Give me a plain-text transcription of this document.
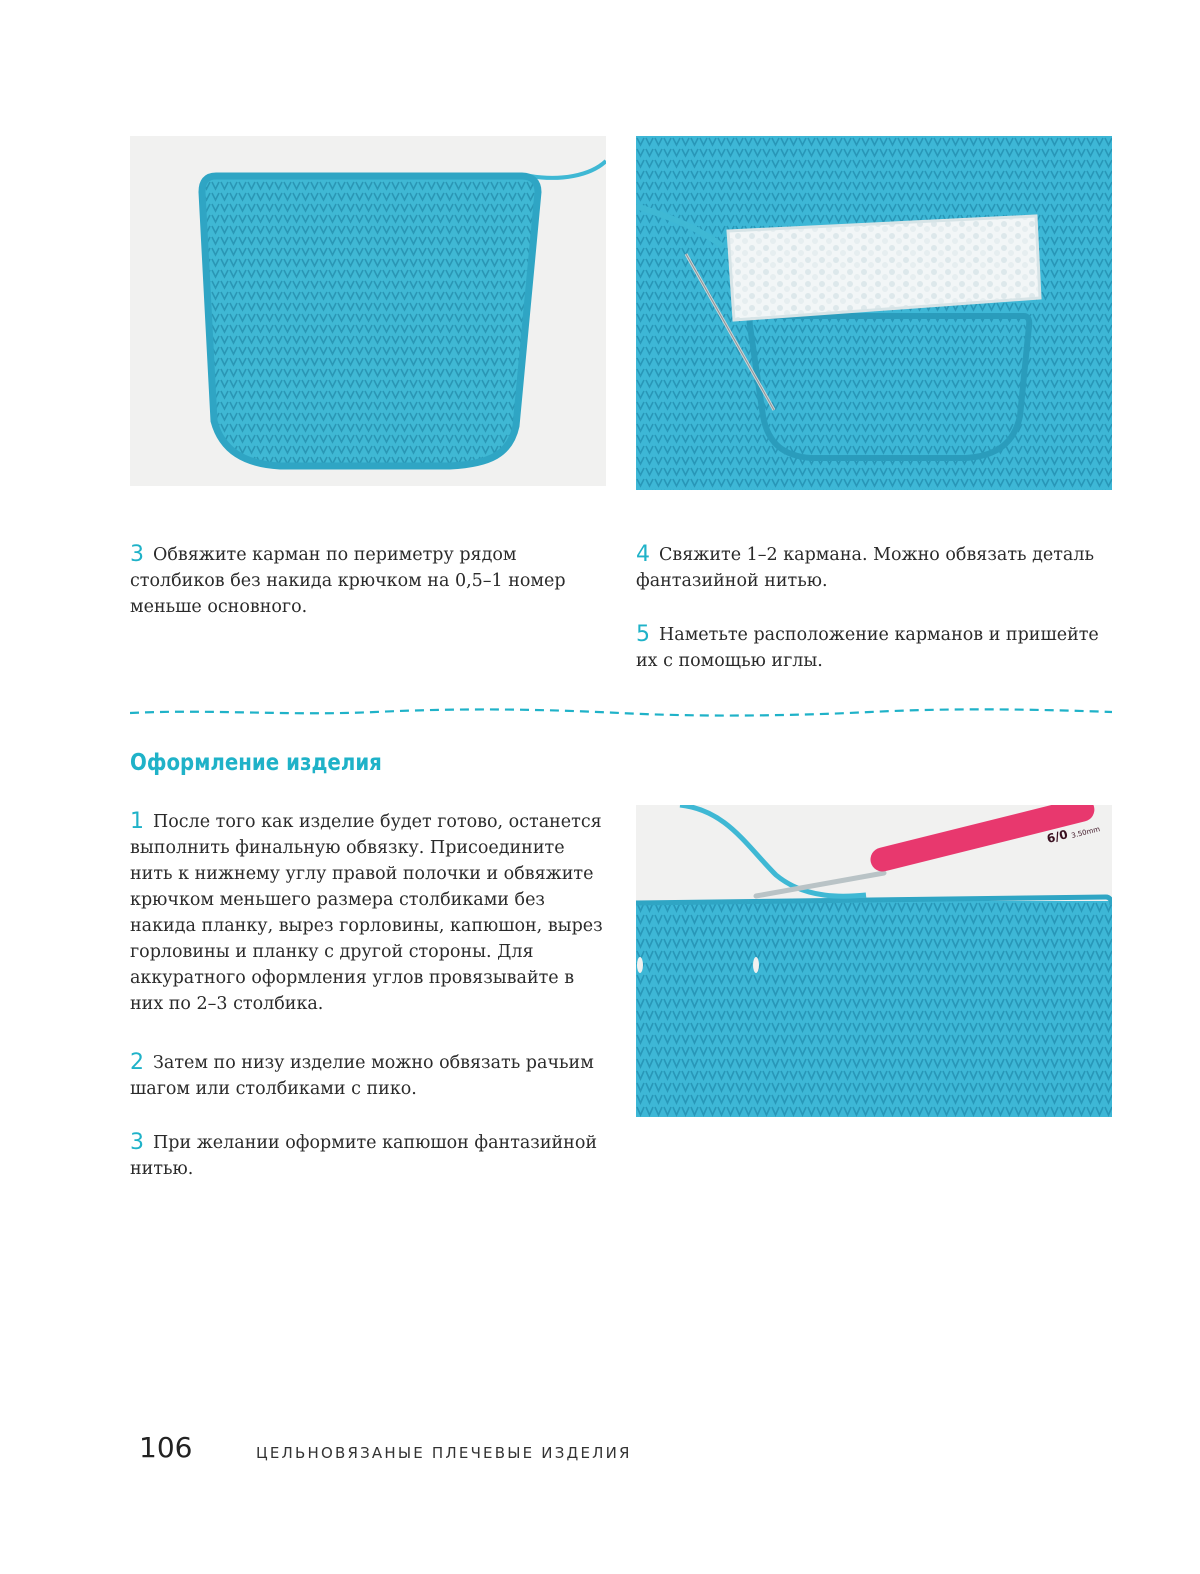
3 Обвяжите карман по периметру рядом столбиков без накида крючком на 0,5–1 номер меньше основного.
4 Свяжите 1–2 кармана. Можно обвязать деталь фантазийной нитью.
5 Наметьте расположение карманов и пришейте их с помощью иглы.
Оформление изделия
1 После того как изделие будет готово, останется выполнить финальную обвязку. Присоедините нить к нижнему углу правой полочки и обвяжите крючком меньшего размера столбиками без накида планку, вырез горловины, капюшон, вырез горловины и планку с другой стороны. Для аккуратного оформления углов провязывайте в них по 2–3 столбика.
2 Затем по низу изделие можно обвязать рачьим шагом или столбиками с пико.
3 При желании оформите капюшон фантазийной нитью.
6/0 3.50mm
106	ЦЕЛЬНОВЯЗАНЫЕ ПЛЕЧЕВЫЕ ИЗДЕЛИЯ
